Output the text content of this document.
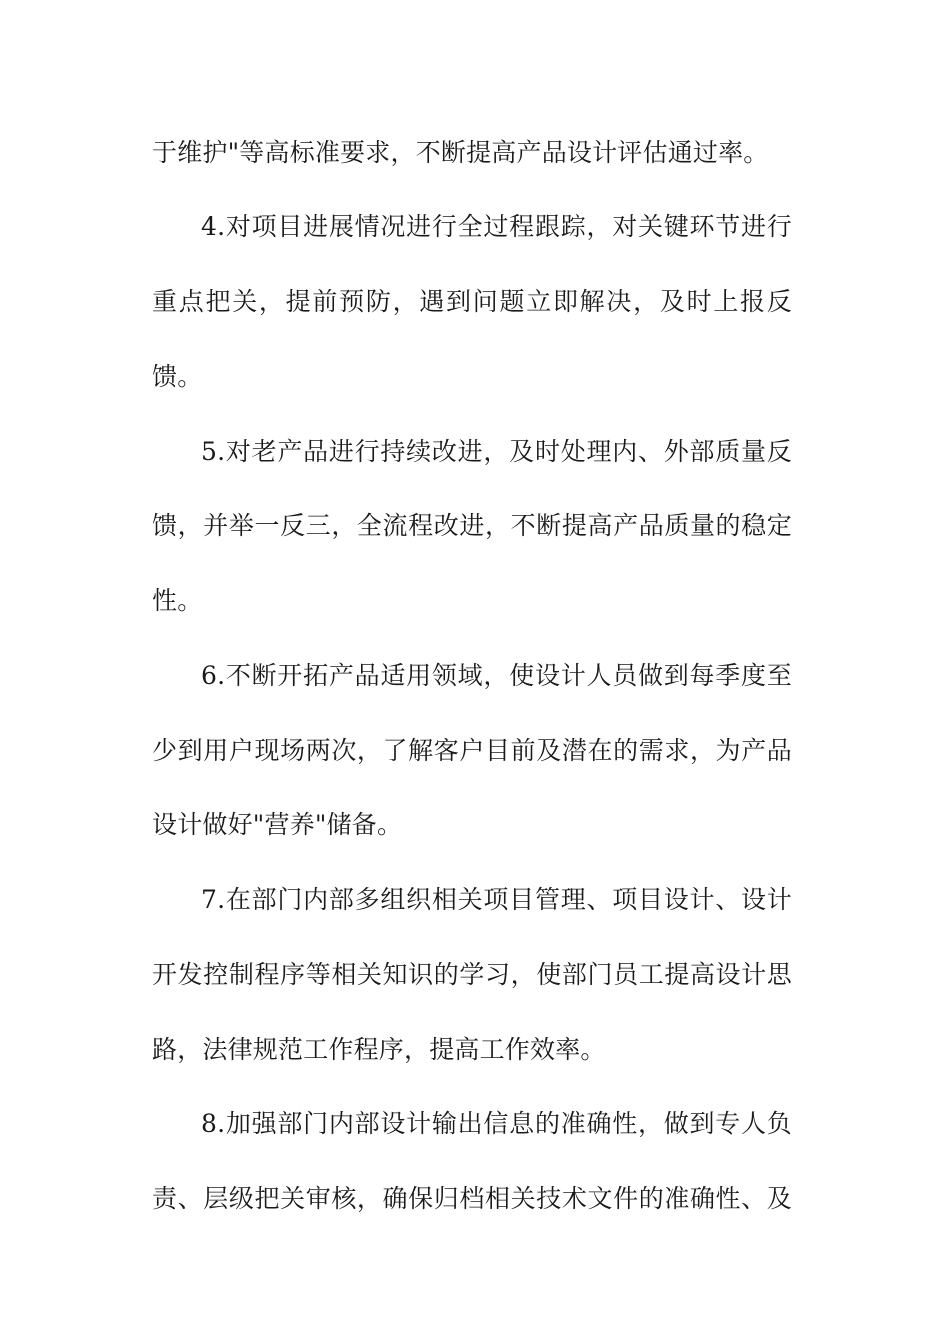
于维护"等高标准要求，不断提高产品设计评估通过率。
4.对项目进展情况进行全过程跟踪，对关键环节进行
重点把关，提前预防，遇到问题立即解决，及时上报反
馈。
5.对老产品进行持续改进，及时处理内、外部质量反
馈，并举一反三，全流程改进，不断提高产品质量的稳定
性。
6.不断开拓产品适用领域，使设计人员做到每季度至
少到用户现场两次，了解客户目前及潜在的需求，为产品
设计做好"营养"储备。
7.在部门内部多组织相关项目管理、项目设计、设计
开发控制程序等相关知识的学习，使部门员工提高设计思
路，法律规范工作程序，提高工作效率。
8.加强部门内部设计输出信息的准确性，做到专人负
责、层级把关审核，确保归档相关技术文件的准确性、及
